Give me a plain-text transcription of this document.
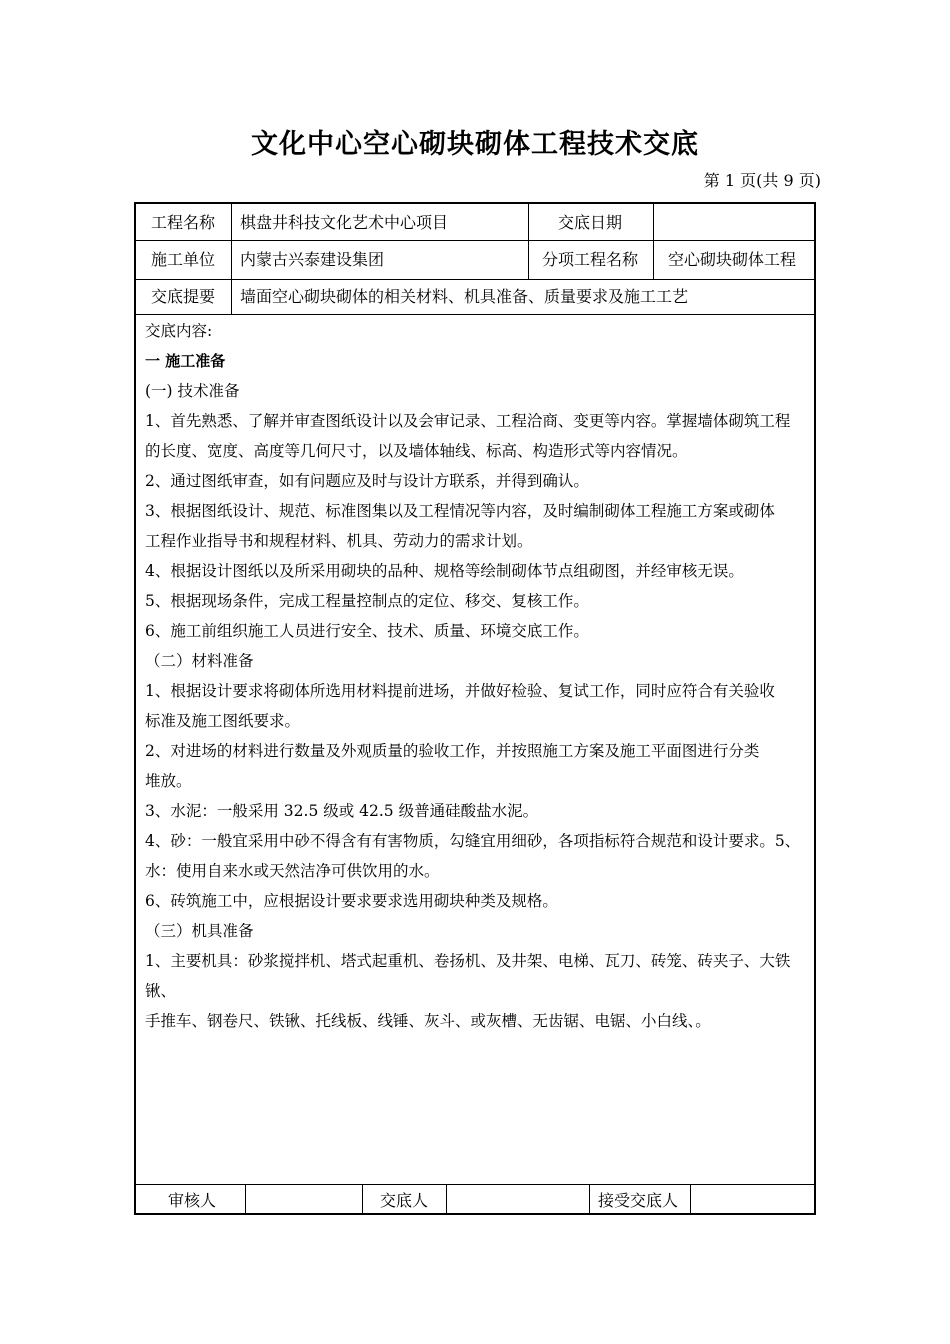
文化中心空心砌块砌体工程技术交底
第 1 页(共 9 页)
工程名称 棋盘井科技文化艺术中心项目	交底日期
施工单位 内蒙古兴泰建设集团	分项工程名称 空心砌块砌体工程
交底提要 墙面空心砌块砌体的相关材料、机具准备、质量要求及施工工艺

交底内容:

一 施工准备

(一) 技术准备

1、首先熟悉、了解并审查图纸设计以及会审记录、工程洽商、变更等内容。掌握墙体砌筑工程

的长度、宽度、高度等几何尺寸，以及墙体轴线、标高、构造形式等内容情况。

2、通过图纸审查，如有问题应及时与设计方联系，并得到确认。

3、根据图纸设计、规范、标准图集以及工程情况等内容，及时编制砌体工程施工方案或砌体

工程作业指导书和规程材料、机具、劳动力的需求计划。

4、根据设计图纸以及所采用砌块的品种、规格等绘制砌体节点组砌图，并经审核无误。

5、根据现场条件，完成工程量控制点的定位、移交、复核工作。

6、施工前组织施工人员进行安全、技术、质量、环境交底工作。

（二）材料准备

1、根据设计要求将砌体所选用材料提前进场，并做好检验、复试工作，同时应符合有关验收

标准及施工图纸要求。

2、对进场的材料进行数量及外观质量的验收工作，并按照施工方案及施工平面图进行分类

堆放。

3、水泥：一般采用 32.5 级或 42.5 级普通硅酸盐水泥。

4、砂：一般宜采用中砂不得含有有害物质，勾缝宜用细砂，各项指标符合规范和设计要求。5、

水：使用自来水或天然洁净可供饮用的水。

6、砖筑施工中，应根据设计要求要求选用砌块种类及规格。

（三）机具准备

1、主要机具：砂浆搅拌机、塔式起重机、卷扬机、及井架、电梯、瓦刀、砖笼、砖夹子、大铁锹、

手推车、钢卷尺、铁锹、托线板、线锤、灰斗、或灰槽、无齿锯、电锯、小白线、。

审核人	交底人	接受交底人
